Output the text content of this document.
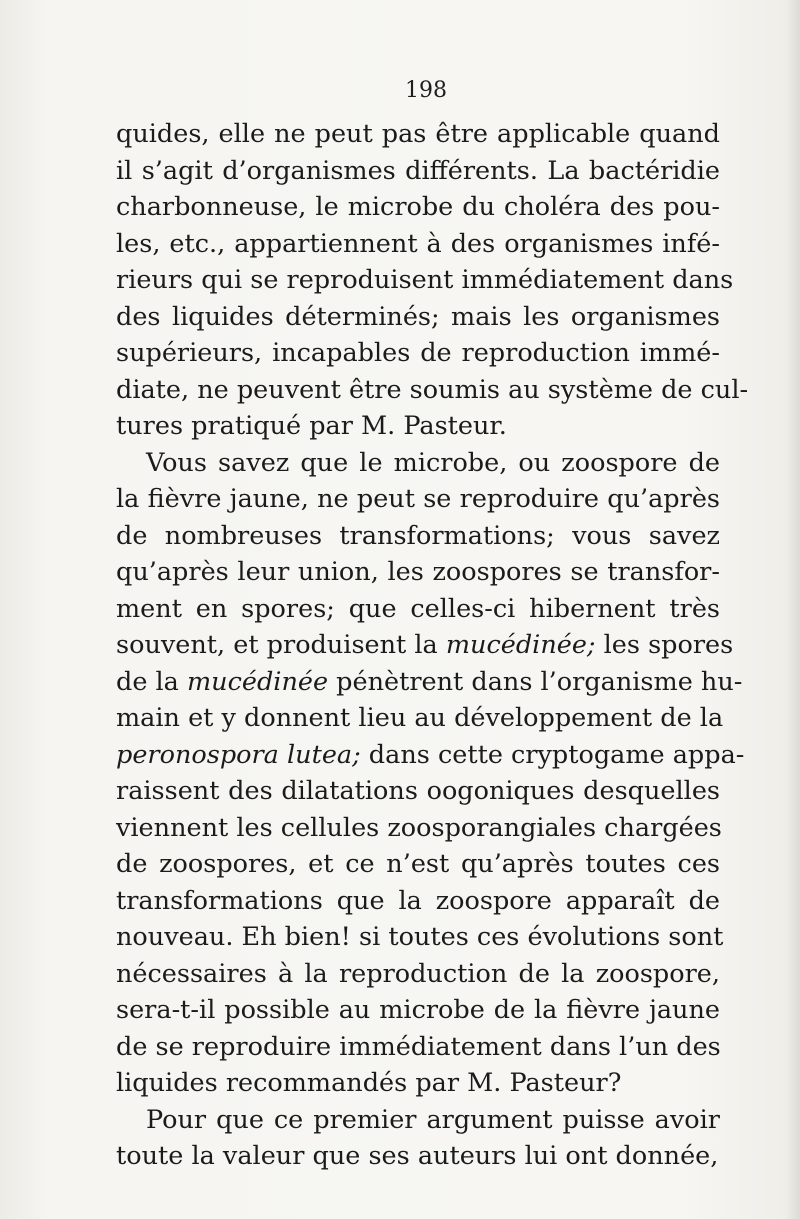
198
quides, elle ne peut pas être applicable quand
il s’agit d’organismes différents. La bactéridie
charbonneuse, le microbe du choléra des pou-
les, etc., appartiennent à des organismes infé-
rieurs qui se reproduisent immédiatement dans
des liquides déterminés; mais les organismes
supérieurs, incapables de reproduction immé-
diate, ne peuvent être soumis au système de cul-
tures pratiqué par M. Pasteur.
Vous savez que le microbe, ou zoospore de
la fièvre jaune, ne peut se reproduire qu’après
de nombreuses transformations; vous savez
qu’après leur union, les zoospores se transfor-
ment en spores; que celles-ci hibernent très
souvent, et produisent la mucédinée; les spores
de la mucédinée pénètrent dans l’organisme hu-
main et y donnent lieu au développement de la
peronospora lutea; dans cette cryptogame appa-
raissent des dilatations oogoniques desquelles
viennent les cellules zoosporangiales chargées
de zoospores, et ce n’est qu’après toutes ces
transformations que la zoospore apparaît de
nouveau. Eh bien! si toutes ces évolutions sont
nécessaires à la reproduction de la zoospore,
sera-t-il possible au microbe de la fièvre jaune
de se reproduire immédiatement dans l’un des
liquides recommandés par M. Pasteur?
Pour que ce premier argument puisse avoir
toute la valeur que ses auteurs lui ont donnée,
